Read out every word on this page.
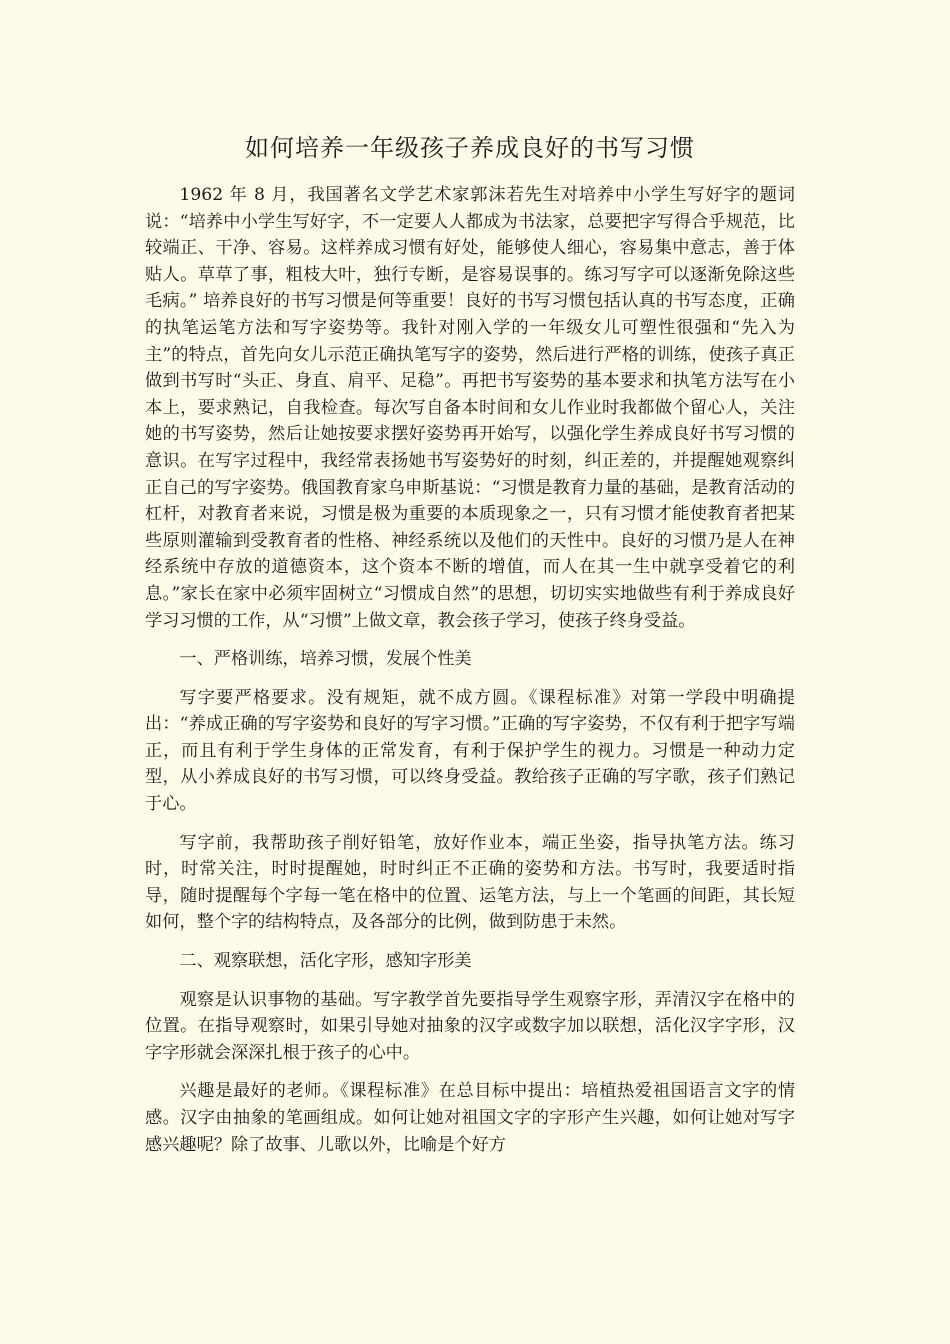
如何培养一年级孩子养成良好的书写习惯

1962 年 8 月，我国著名文学艺术家郭沫若先生对培养中小学生写好字的题词说：“培养中小学生写好字，不一定要人人都成为书法家，总要把字写得合乎规范，比较端正、干净、容易。这样养成习惯有好处，能够使人细心，容易集中意志，善于体贴人。草草了事，粗枝大叶，独行专断，是容易误事的。练习写字可以逐渐免除这些毛病。” 培养良好的书写习惯是何等重要！良好的书写习惯包括认真的书写态度，正确的执笔运笔方法和写字姿势等。我针对刚入学的一年级女儿可塑性很强和“先入为主”的特点，首先向女儿示范正确执笔写字的姿势，然后进行严格的训练，使孩子真正做到书写时“头正、身直、肩平、足稳”。再把书写姿势的基本要求和执笔方法写在小本上，要求熟记，自我检查。每次写自备本时间和女儿作业时我都做个留心人，关注她的书写姿势，然后让她按要求摆好姿势再开始写，以强化学生养成良好书写习惯的意识。在写字过程中，我经常表扬她书写姿势好的时刻，纠正差的，并提醒她观察纠正自己的写字姿势。俄国教育家乌申斯基说：“习惯是教育力量的基础，是教育活动的杠杆，对教育者来说，习惯是极为重要的本质现象之一，只有习惯才能使教育者把某些原则灌输到受教育者的性格、神经系统以及他们的天性中。良好的习惯乃是人在神经系统中存放的道德资本，这个资本不断的增值，而人在其一生中就享受着它的利息。”家长在家中必须牢固树立“习惯成自然”的思想，切切实实地做些有利于养成良好学习习惯的工作，从“习惯”上做文章，教会孩子学习，使孩子终身受益。

一、严格训练，培养习惯，发展个性美

写字要严格要求。没有规矩，就不成方圆。《课程标准》对第一学段中明确提出：“养成正确的写字姿势和良好的写字习惯。”正确的写字姿势，不仅有利于把字写端正，而且有利于学生身体的正常发育，有利于保护学生的视力。习惯是一种动力定型，从小养成良好的书写习惯，可以终身受益。教给孩子正确的写字歌，孩子们熟记于心。

写字前，我帮助孩子削好铅笔，放好作业本，端正坐姿，指导执笔方法。练习时，时常关注，时时提醒她，时时纠正不正确的姿势和方法。书写时，我要适时指导，随时提醒每个字每一笔在格中的位置、运笔方法，与上一个笔画的间距，其长短如何，整个字的结构特点，及各部分的比例，做到防患于未然。

二、观察联想，活化字形，感知字形美

观察是认识事物的基础。写字教学首先要指导学生观察字形，弄清汉字在格中的位置。在指导观察时，如果引导她对抽象的汉字或数字加以联想，活化汉字字形，汉字字形就会深深扎根于孩子的心中。

兴趣是最好的老师。《课程标准》在总目标中提出：培植热爱祖国语言文字的情感。汉字由抽象的笔画组成。如何让她对祖国文字的字形产生兴趣，如何让她对写字感兴趣呢？除了故事、儿歌以外，比喻是个好方
